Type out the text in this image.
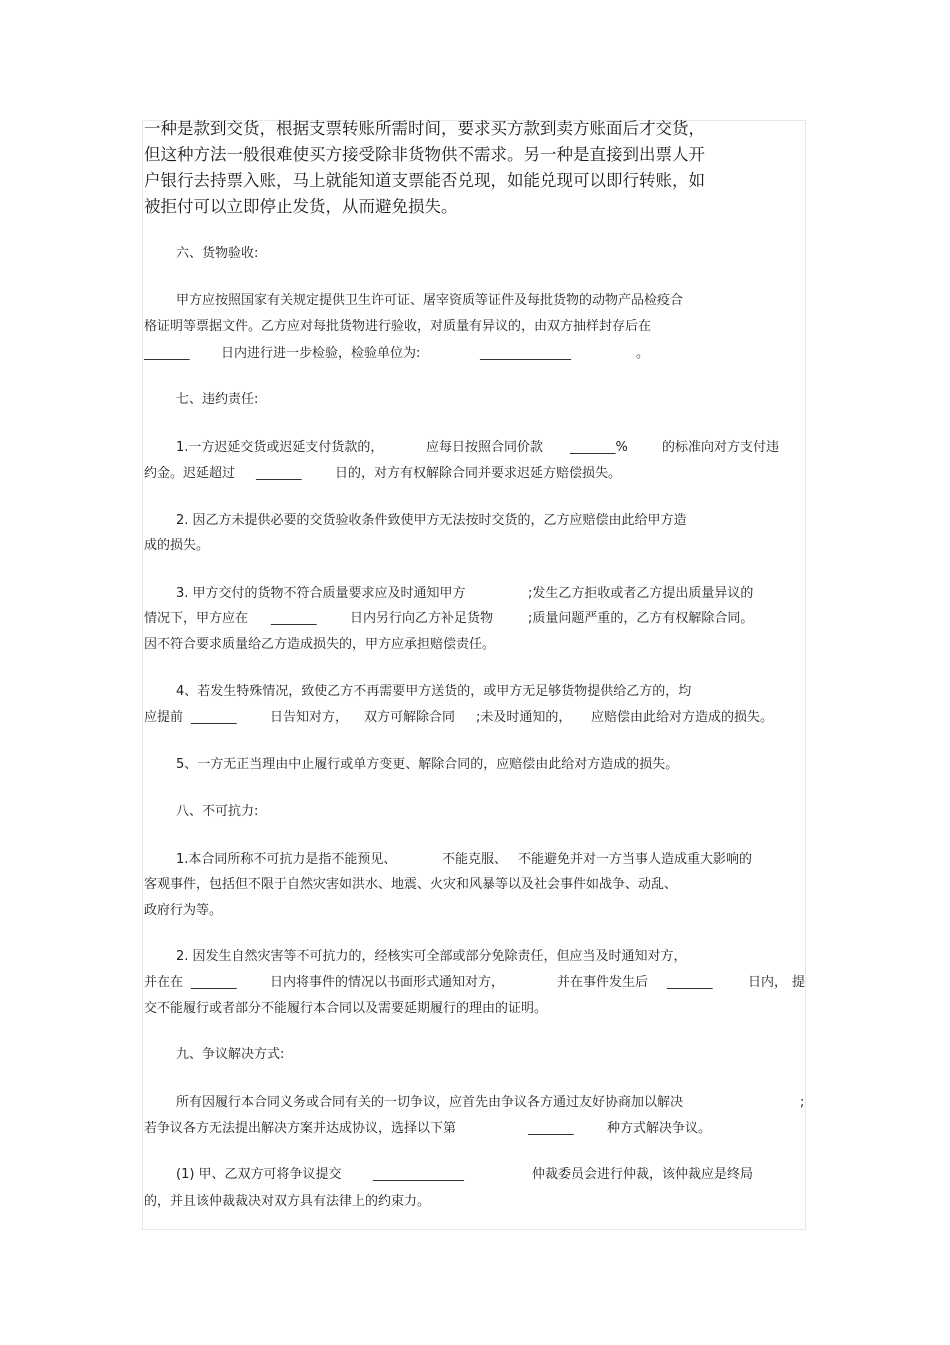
一种是款到交货，根据支票转账所需时间，要求买方款到卖方账面后才交货，
但这种方法一般很难使买方接受除非货物供不需求。另一种是直接到出票人开
户银行去持票入账，马上就能知道支票能否兑现，如能兑现可以即行转账，如
被拒付可以立即停止发货，从而避免损失。
六、货物验收:
甲方应按照国家有关规定提供卫生许可证、屠宰资质等证件及每批货物的动物产品检疫合
格证明等票据文件。乙方应对每批货物进行验收，对质量有异议的，由双方抽样封存后在
_______ 日内进行进一步检验，检验单位为:	______________	。
七、违约责任:
1.一方迟延交货或迟延支付货款的，	应每日按照合同价款 _______%	的标准向对方支付违
约金。迟延超过 _______	日的，对方有权解除合同并要求迟延方赔偿损失。
2. 因乙方未提供必要的交货验收条件致使甲方无法按时交货的，乙方应赔偿由此给甲方造
成的损失。
3. 甲方交付的货物不符合质量要求应及时通知甲方	;发生乙方拒收或者乙方提出质量异议的
情况下，甲方应在 _______	日内另行向乙方补足货物	;质量问题严重的，乙方有权解除合同。
因不符合要求质量给乙方造成损失的，甲方应承担赔偿责任。
4、若发生特殊情况，致使乙方不再需要甲方送货的，或甲方无足够货物提供给乙方的，均
应提前 _______	日告知对方， 双方可解除合同 ;未及时通知的， 应赔偿由此给对方造成的损失。
5、一方无正当理由中止履行或单方变更、解除合同的，应赔偿由此给对方造成的损失。
八、不可抗力:
1.本合同所称不可抗力是指不能预见、	不能克服、 不能避免并对一方当事人造成重大影响的
客观事件，包括但不限于自然灾害如洪水、地震、火灾和风暴等以及社会事件如战争、动乱、
政府行为等。
2. 因发生自然灾害等不可抗力的，经核实可全部或部分免除责任，但应当及时通知对方，
并在在 _______	日内将事件的情况以书面形式通知对方，	并在事件发生后 _______	日内， 提
交不能履行或者部分不能履行本合同以及需要延期履行的理由的证明。
九、争议解决方式:
所有因履行本合同义务或合同有关的一切争议，应首先由争议各方通过友好协商加以解决	;
若争议各方无法提出解决方案并达成协议，选择以下第	_______	种方式解决争议。
(1) 甲、乙双方可将争议提交 ______________	仲裁委员会进行仲裁，该仲裁应是终局
的，并且该仲裁裁决对双方具有法律上的约束力。
